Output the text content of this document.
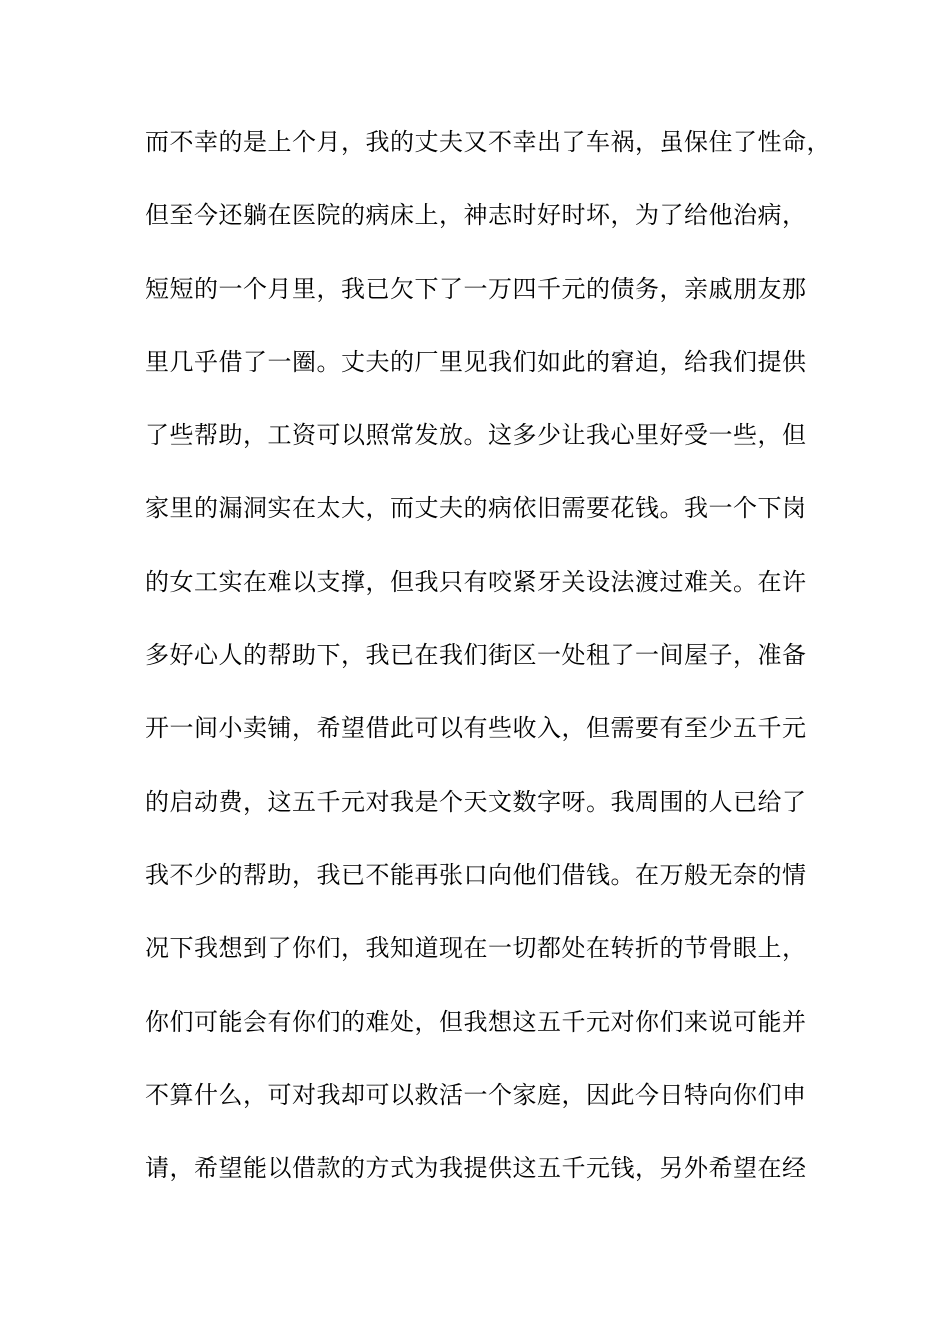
而不幸的是上个月，我的丈夫又不幸出了车祸，虽保住了性命，
但至今还躺在医院的病床上，神志时好时坏，为了给他治病，
短短的一个月里，我已欠下了一万四千元的债务，亲戚朋友那
里几乎借了一圈。丈夫的厂里见我们如此的窘迫，给我们提供
了些帮助，工资可以照常发放。这多少让我心里好受一些，但
家里的漏洞实在太大，而丈夫的病依旧需要花钱。我一个下岗
的女工实在难以支撑，但我只有咬紧牙关设法渡过难关。在许
多好心人的帮助下，我已在我们街区一处租了一间屋子，准备
开一间小卖铺，希望借此可以有些收入，但需要有至少五千元
的启动费，这五千元对我是个天文数字呀。我周围的人已给了
我不少的帮助，我已不能再张口向他们借钱。在万般无奈的情
况下我想到了你们，我知道现在一切都处在转折的节骨眼上，
你们可能会有你们的难处，但我想这五千元对你们来说可能并
不算什么，可对我却可以救活一个家庭，因此今日特向你们申
请，希望能以借款的方式为我提供这五千元钱，另外希望在经
